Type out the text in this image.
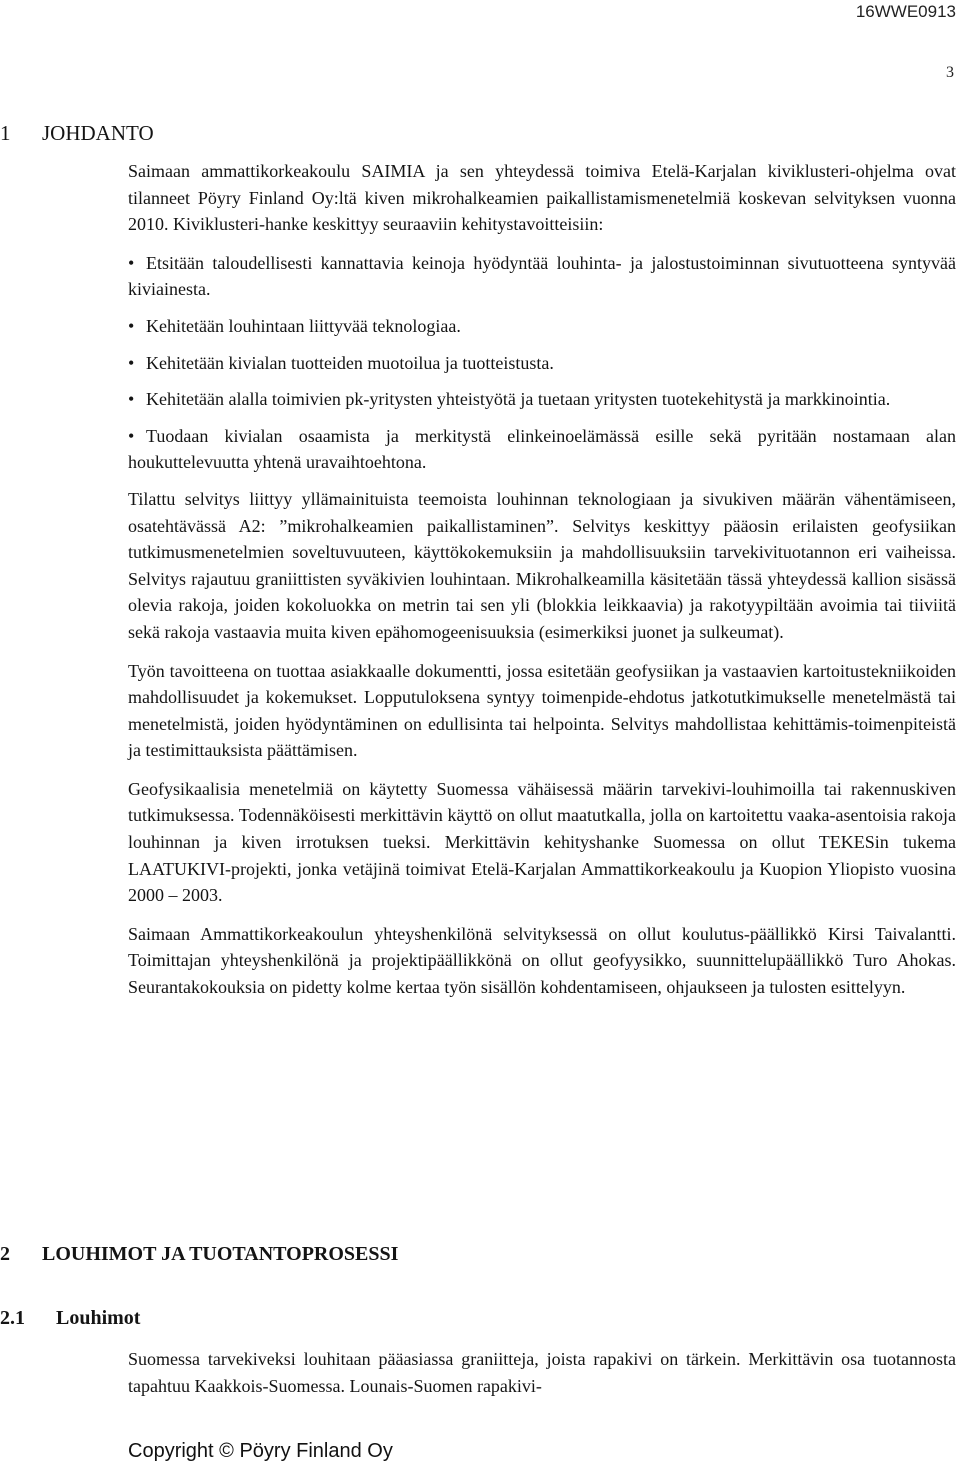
16WWE0913
3
1 JOHDANTO

Saimaan ammattikorkeakoulu SAIMIA ja sen yhteydessä toimiva Etelä-Karjalan kiviklusteri-ohjelma ovat tilanneet Pöyry Finland Oy:ltä kiven mikrohalkeamien paikallistamismenetelmiä koskevan selvityksen vuonna 2010. Kiviklusteri-hanke keskittyy seuraaviin kehitystavoitteisiin:

• Etsitään taloudellisesti kannattavia keinoja hyödyntää louhinta- ja jalostustoiminnan sivutuotteena syntyvää kiviainesta.

• Kehitetään louhintaan liittyvää teknologiaa.

• Kehitetään kivialan tuotteiden muotoilua ja tuotteistusta.

• Kehitetään alalla toimivien pk-yritysten yhteistyötä ja tuetaan yritysten tuotekehitystä ja markkinointia.

• Tuodaan kivialan osaamista ja merkitystä elinkeinoelämässä esille sekä pyritään nostamaan alan houkuttelevuutta yhtenä uravaihtoehtona.

Tilattu selvitys liittyy yllämainituista teemoista louhinnan teknologiaan ja sivukiven määrän vähentämiseen, osatehtävässä A2: ”mikrohalkeamien paikallistaminen”. Selvitys keskittyy pääosin erilaisten geofysiikan tutkimusmenetelmien soveltuvuuteen, käyttökokemuksiin ja mahdollisuuksiin tarvekivituotannon eri vaiheissa. Selvitys rajautuu graniittisten syväkivien louhintaan. Mikrohalkeamilla käsitetään tässä yhteydessä kallion sisässä olevia rakoja, joiden kokoluokka on metrin tai sen yli (blokkia leikkaavia) ja rakotyypiltään avoimia tai tiiviitä sekä rakoja vastaavia muita kiven epähomogeenisuuksia (esimerkiksi juonet ja sulkeumat).

Työn tavoitteena on tuottaa asiakkaalle dokumentti, jossa esitetään geofysiikan ja vastaavien kartoitustekniikoiden mahdollisuudet ja kokemukset. Lopputuloksena syntyy toimenpide-ehdotus jatkotutkimukselle menetelmästä tai menetelmistä, joiden hyödyntäminen on edullisinta tai helpointa. Selvitys mahdollistaa kehittämis-toimenpiteistä ja testimittauksista päättämisen.

Geofysikaalisia menetelmiä on käytetty Suomessa vähäisessä määrin tarvekivi-louhimoilla tai rakennuskiven tutkimuksessa. Todennäköisesti merkittävin käyttö on ollut maatutkalla, jolla on kartoitettu vaaka-asentoisia rakoja louhinnan ja kiven irrotuksen tueksi. Merkittävin kehityshanke Suomessa on ollut TEKESin tukema LAATUKIVI-projekti, jonka vetäjinä toimivat Etelä-Karjalan Ammattikorkeakoulu ja Kuopion Yliopisto vuosina 2000 – 2003.

Saimaan Ammattikorkeakoulun yhteyshenkilönä selvityksessä on ollut koulutus-päällikkö Kirsi Taivalantti. Toimittajan yhteyshenkilönä ja projektipäällikkönä on ollut geofyysikko, suunnittelupäällikkö Turo Ahokas. Seurantakokouksia on pidetty kolme kertaa työn sisällön kohdentamiseen, ohjaukseen ja tulosten esittelyyn.

2 LOUHIMOT JA TUOTANTOPROSESSI
2.1 Louhimot

Suomessa tarvekiveksi louhitaan pääasiassa graniitteja, joista rapakivi on tärkein. Merkittävin osa tuotannosta tapahtuu Kaakkois-Suomessa. Lounais-Suomen rapakivi-

Copyright © Pöyry Finland Oy
